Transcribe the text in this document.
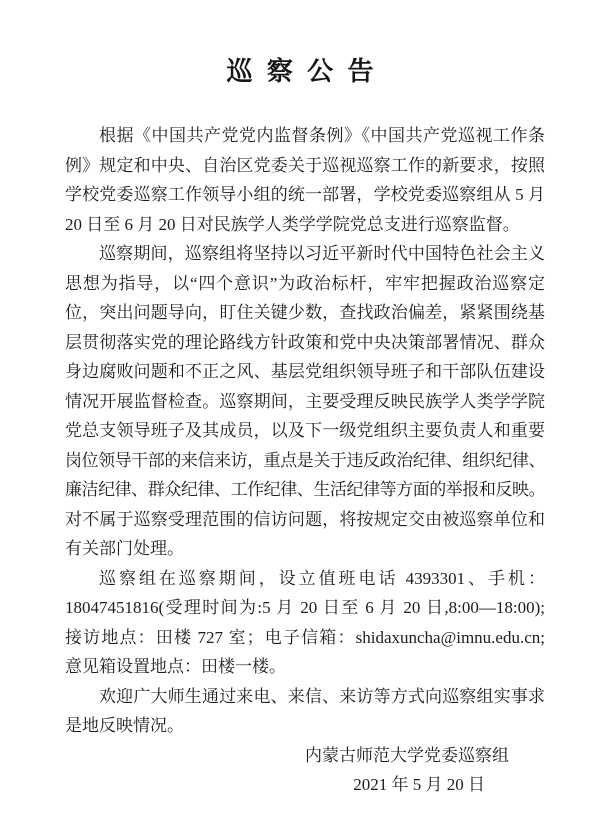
巡察公告
根据《中国共产党党内监督条例》《中国共产党巡视工作条
例》规定和中央、自治区党委关于巡视巡察工作的新要求，按照
学校党委巡察工作领导小组的统一部署，学校党委巡察组从 5 月
20 日至 6 月 20 日对民族学人类学学院党总支进行巡察监督。
巡察期间，巡察组将坚持以习近平新时代中国特色社会主义
思想为指导，以“四个意识”为政治标杆，牢牢把握政治巡察定
位，突出问题导向，盯住关键少数，查找政治偏差，紧紧围绕基
层贯彻落实党的理论路线方针政策和党中央决策部署情况、群众
身边腐败问题和不正之风、基层党组织领导班子和干部队伍建设
情况开展监督检查。巡察期间，主要受理反映民族学人类学学院
党总支领导班子及其成员，以及下一级党组织主要负责人和重要
岗位领导干部的来信来访，重点是关于违反政治纪律、组织纪律、
廉洁纪律、群众纪律、工作纪律、生活纪律等方面的举报和反映。
对不属于巡察受理范围的信访问题，将按规定交由被巡察单位和
有关部门处理。
巡察组在巡察期间，设立值班电话 4393301、手机：
18047451816(受理时间为:5 月 20 日至 6 月 20 日,8:00—18:00);
接访地点：田楼 727 室；电子信箱：shidaxuncha@imnu.edu.cn;
意见箱设置地点：田楼一楼。
欢迎广大师生通过来电、来信、来访等方式向巡察组实事求
是地反映情况。
内蒙古师范大学党委巡察组
2021 年 5 月 20 日
